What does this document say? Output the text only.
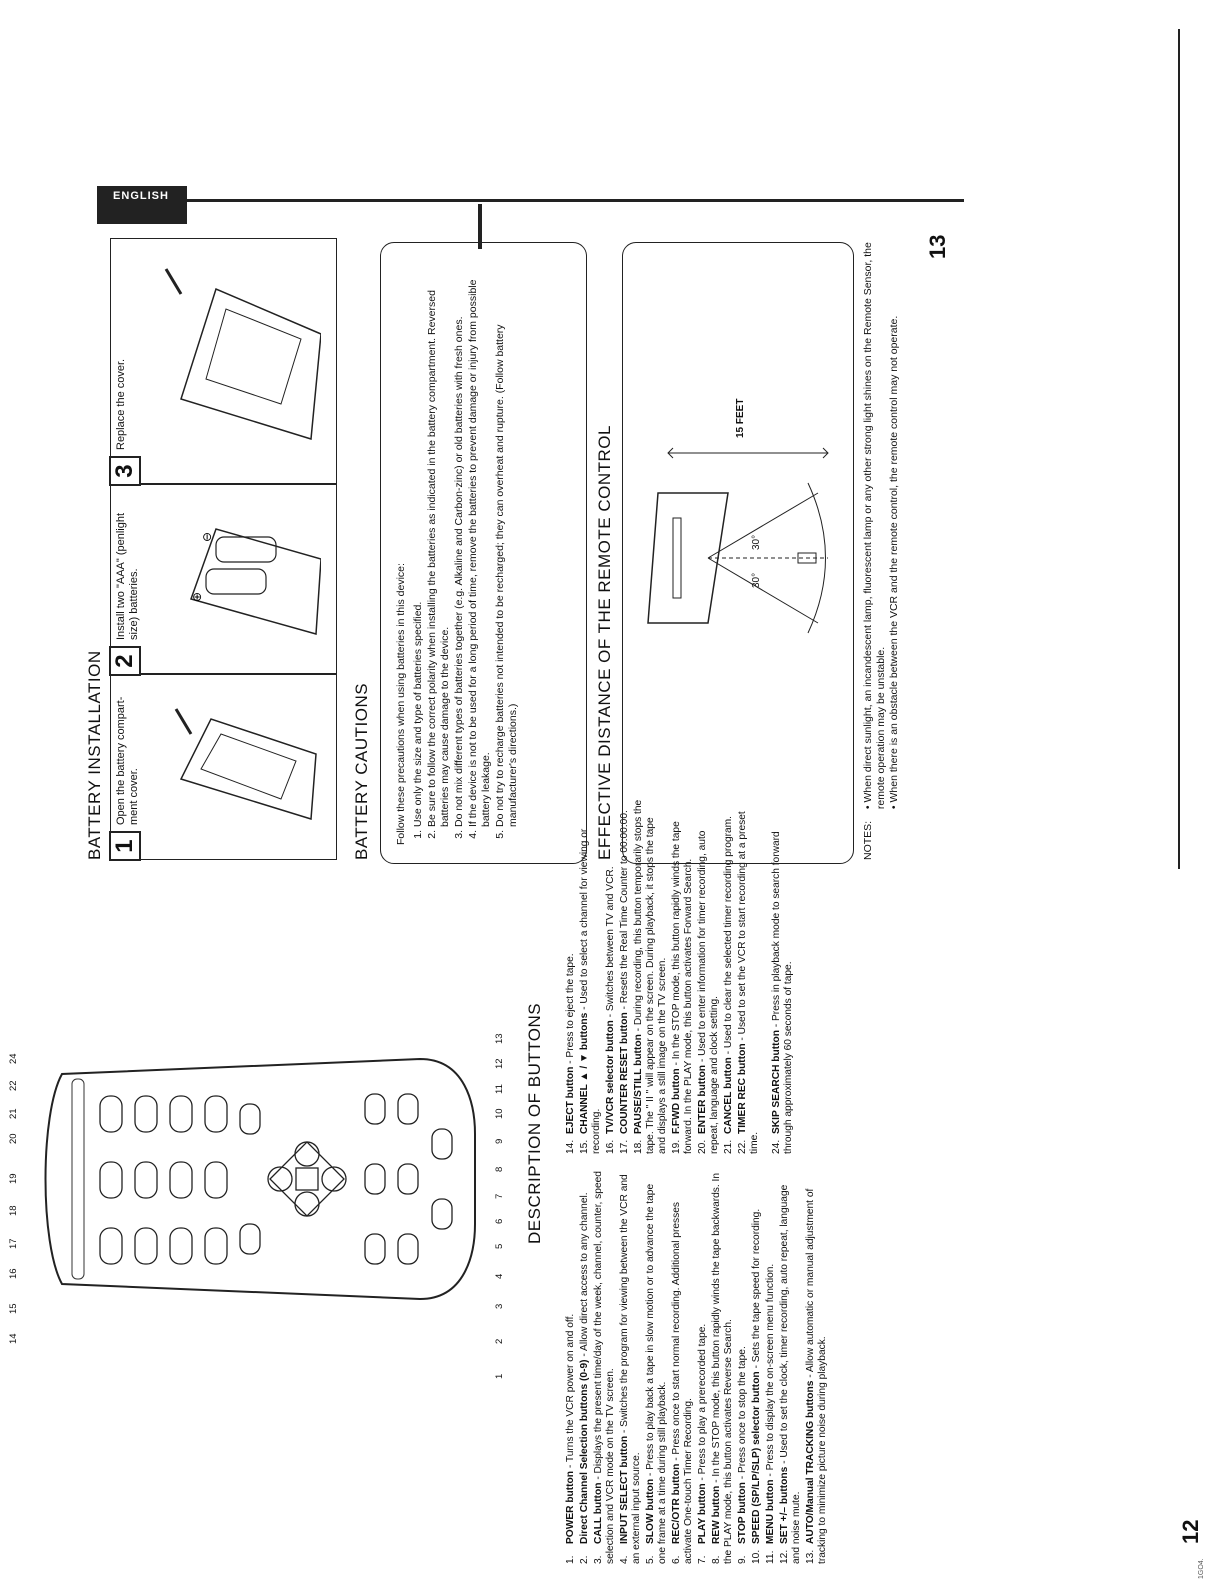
1
2
3
4
5
6
7
8
9
10
11
12
13
14
15
16
17
18
19
20
21
22
24	DESCRIPTION OF BUTTONS
1.POWER button - Turns the VCR power on and off.
2.Direct Channel Selection buttons (0-9) - Allow direct access to any channel.
3.CALL button - Displays the present time/day of the week, channel, counter, speed selection and VCR mode on the TV screen. 4.INPUT SELECT button - Switches the program for viewing between the VCR and an external input source. 5.SLOW button - Press to play back a tape in slow motion or to advance the tape one frame at a time during still playback. 6.REC/OTR button - Press once to start normal recording. Additional presses activate One-touch Timer Recording. 7.PLAY button - Press to play a prerecorded tape.
8.REW button - In the STOP mode, this button rapidly winds the tape backwards. In the PLAY mode, this button activates Reverse Search. 9.STOP button - Press once to stop the tape.
10.SPEED (SP/LP/SLP) selector button - Sets the tape speed for recording.
11.MENU button - Press to display the on-screen menu function.
12.SET +/– buttons - Used to set the clock, timer recording, auto repeat, language and noise mute. 13.AUTO/Manual TRACKING buttons - Allow automatic or manual adjustment of tracking to minimize picture noise during playback.
14.EJECT button - Press to eject the tape.
15.CHANNEL ▲ / ▼ buttons - Used to select a channel for viewing or recording. 16.TV/VCR selector button - Switches between TV and VCR.
17.COUNTER RESET button - Resets the Real Time Counter to 00:00:00.
18.PAUSE/STILL button - During recording, this button temporarily stops the tape. The " II " will appear on the screen. During playback, it stops the tape and displays a still image on the TV screen. 19.F.FWD button - In the STOP mode, this button rapidly winds the tape forward. In the PLAY mode, this button activates Forward Search. 20.ENTER button - Used to enter information for timer recording, auto repeat, language and clock setting. 21.CANCEL button - Used to clear the selected timer recording program.
22.TIMER REC button - Used to set the VCR to start recording at a preset time. 24.SKIP SEARCH button - Press in playback mode to search forward through approximately 60 seconds of tape.
12
1GO4.
ENGLISH
BATTERY INSTALLATION 1
Open the battery compart-ment cover.
2
Install two "AAA" (penlight size) batteries.	⊕
⊖
3
Replace the cover.
BATTERY CAUTIONS Follow these precautions when using batteries in this device: 1. Use only the size and type of batteries specified. 2. Be sure to follow the correct polarity when installing the batteries as indicated in the battery compartment. Reversed batteries may cause damage to the device. 3. Do not mix different types of batteries together (e.g. Alkaline and Carbon-zinc) or old batteries with fresh ones. 4. If the device is not to be used for a long period of time, remove the batteries to prevent damage or injury from possible battery leakage. 5. Do not try to recharge batteries not intended to be recharged; they can overheat and rupture. (Follow battery manufacturer's directions.)	EFFECTIVE DISTANCE OF THE REMOTE CONTROL	30°
30°
15 FEET
NOTES:
• When direct sunlight, an incandescent lamp, fluorescent lamp or any other strong light shines on the Remote Sensor, the remote operation may be unstable. • When there is an obstacle between the VCR and the remote control, the remote control may not operate.
13
